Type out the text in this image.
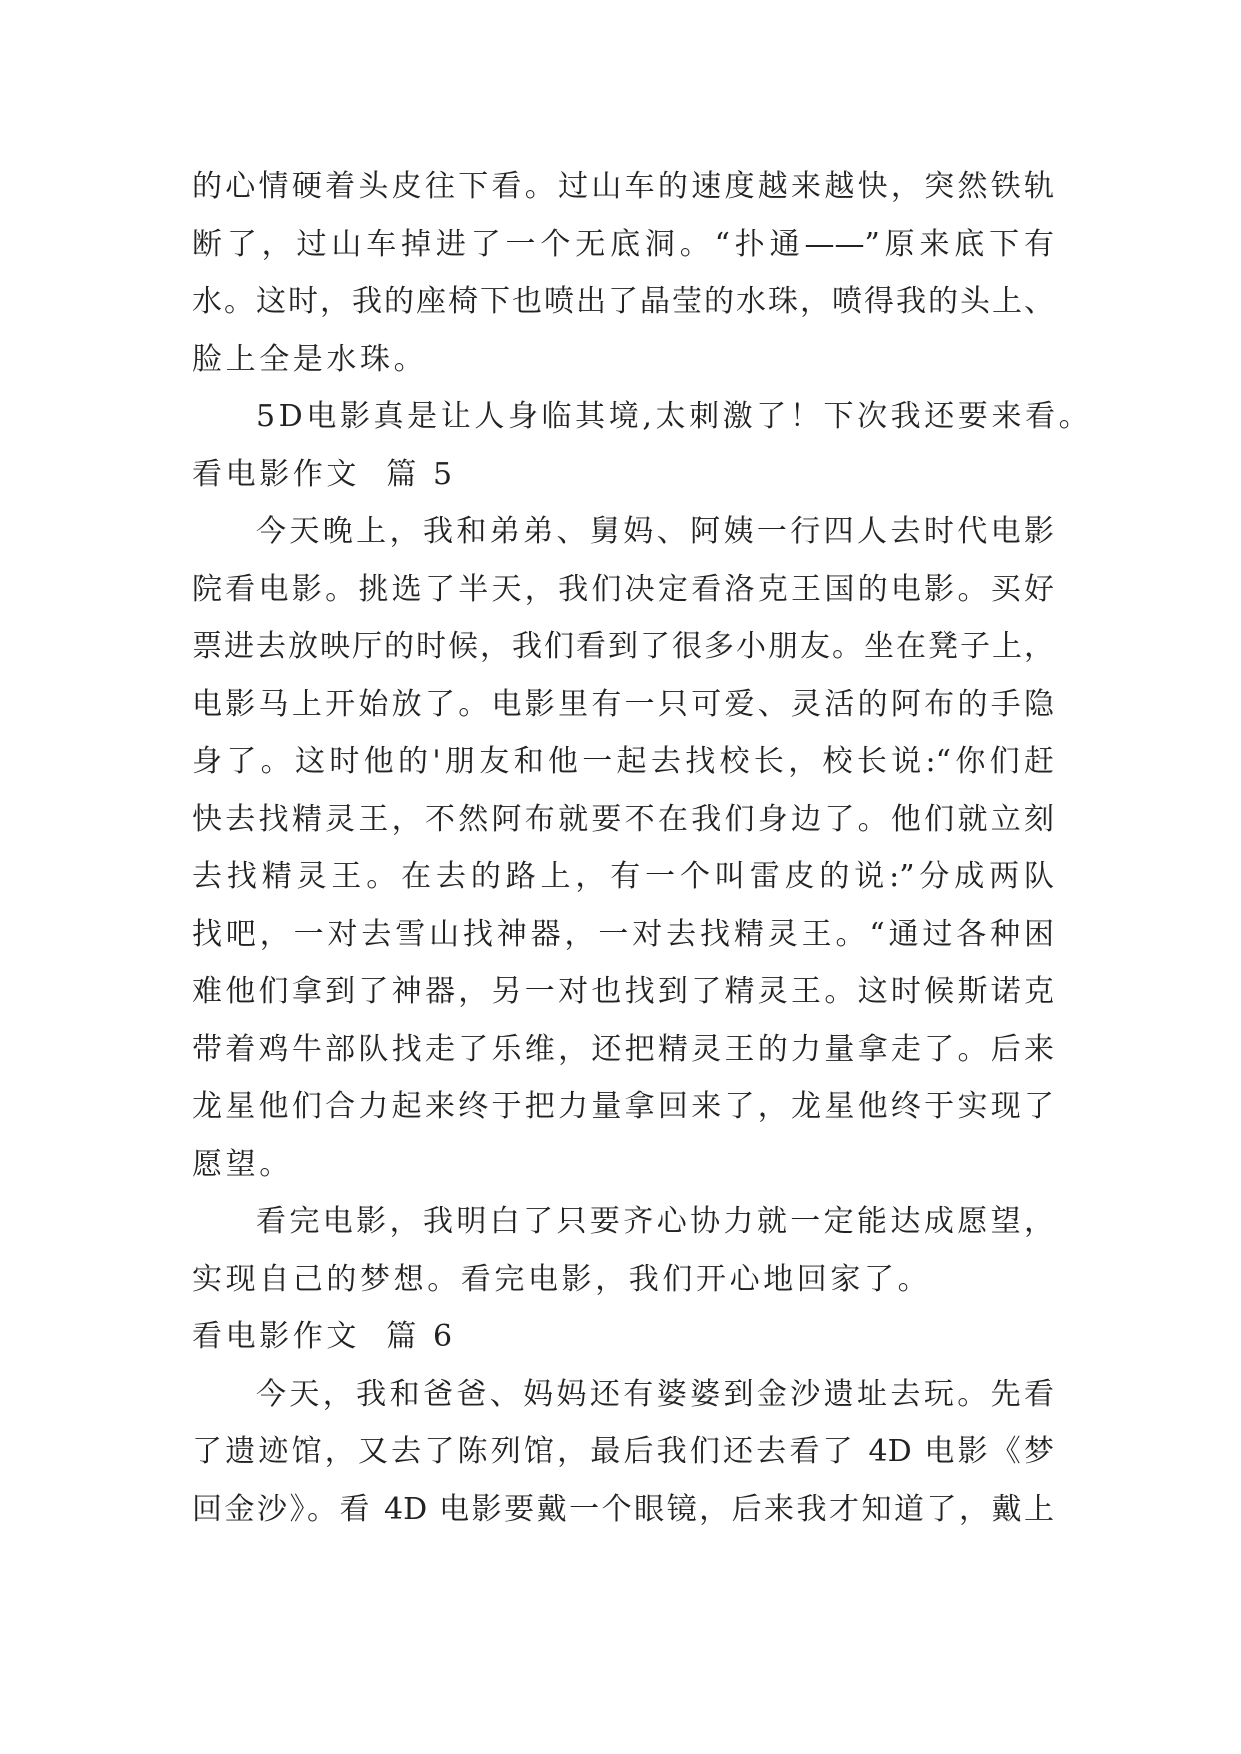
的心情硬着头皮往下看。过山车的速度越来越快，突然铁轨
断了，过山车掉进了一个无底洞。“扑通——”原来底下有
水。这时，我的座椅下也喷出了晶莹的水珠，喷得我的头上、
脸上全是水珠。
5D电影真是让人身临其境,太刺激了！下次我还要来看。
看电影作文  篇 5
今天晚上，我和弟弟、舅妈、阿姨一行四人去时代电影
院看电影。挑选了半天，我们决定看洛克王国的电影。买好
票进去放映厅的时候，我们看到了很多小朋友。坐在凳子上，
电影马上开始放了。电影里有一只可爱、灵活的阿布的手隐
身了。这时他的'朋友和他一起去找校长，校长说:“你们赶
快去找精灵王，不然阿布就要不在我们身边了。他们就立刻
去找精灵王。在去的路上，有一个叫雷皮的说:”分成两队
找吧，一对去雪山找神器，一对去找精灵王。“通过各种困
难他们拿到了神器，另一对也找到了精灵王。这时候斯诺克
带着鸡牛部队找走了乐维，还把精灵王的力量拿走了。后来
龙星他们合力起来终于把力量拿回来了，龙星他终于实现了
愿望。
看完电影，我明白了只要齐心协力就一定能达成愿望，
实现自己的梦想。看完电影，我们开心地回家了。
看电影作文  篇 6
今天，我和爸爸、妈妈还有婆婆到金沙遗址去玩。先看
了遗迹馆，又去了陈列馆，最后我们还去看了 4D 电影《梦
回金沙》。看 4D 电影要戴一个眼镜，后来我才知道了，戴上
